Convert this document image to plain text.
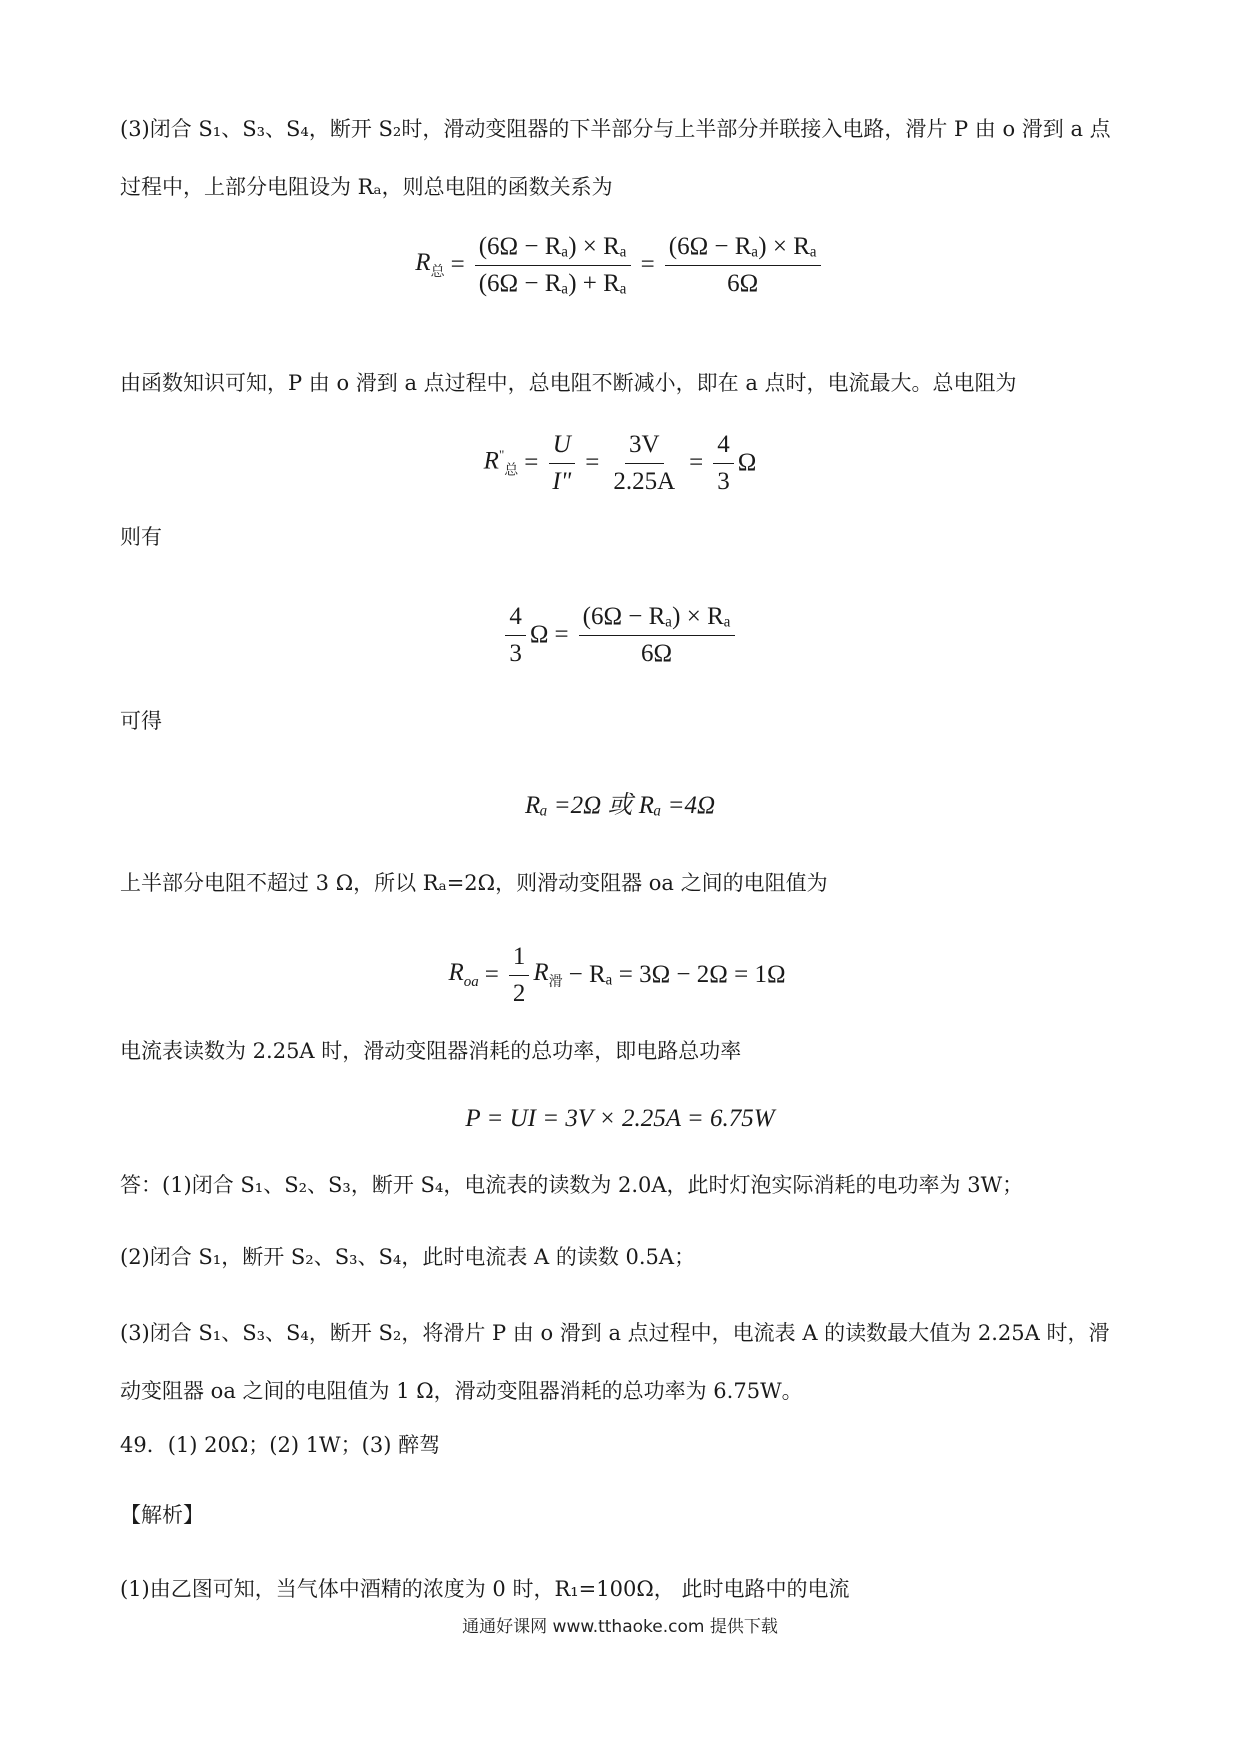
(3)闭合 S₁、S₃、S₄，断开 S₂时，滑动变阻器的下半部分与上半部分并联接入电路，滑片 P 由 o 滑到 a 点过程中，上部分电阻设为 Rₐ，则总电阻的函数关系为
$R_总 = \frac{\text{(6Ω − Rₐ) × Rₐ}}{\text{(6Ω − Rₐ) + Rₐ}} = \frac{\text{(6Ω − Rₐ) × Rₐ}}{6\Omega}$
由函数知识可知，P 由 o 滑到 a 点过程中，总电阻不断减小，即在 a 点时，电流最大。总电阻为
$R^"_总 = \frac{U}{I"} = \frac{3V}{2.25A} = \frac{4}{3}$ Ω
则有
$\frac{4}{3}$ $\Omega = \frac{\text{(6Ω − Rₐ) × Rₐ}}{6\Omega}$
可得
Rₐ =2Ω 或 Rₐ =4Ω
上半部分电阻不超过 3 Ω，所以 Rₐ=2Ω，则滑动变阻器 oa 之间的电阻值为
$R_{oa} = \frac{1}{2} R_滑 - R_a = 3\Omega - 2\Omega = 1\Omega$
电流表读数为 2.25A 时，滑动变阻器消耗的总功率，即电路总功率
P = UI = 3V × 2.25A = 6.75W
答：(1)闭合 S₁、S₂、S₃，断开 S₄，电流表的读数为 2.0A，此时灯泡实际消耗的电功率为 3W；
(2)闭合 S₁，断开 S₂、S₃、S₄，此时电流表 A 的读数 0.5A；
(3)闭合 S₁、S₃、S₄，断开 S₂，将滑片 P 由 o 滑到 a 点过程中，电流表 A 的读数最大值为 2.25A 时，滑动变阻器 oa 之间的电阻值为 1 Ω，滑动变阻器消耗的总功率为 6.75W。
49．(1) 20Ω；(2) 1W；(3) 醉驾
【解析】
(1)由乙图可知，当气体中酒精的浓度为 0 时，R₁=100Ω， 此时电路中的电流
通通好课网 www.tthaoke.com 提供下载
